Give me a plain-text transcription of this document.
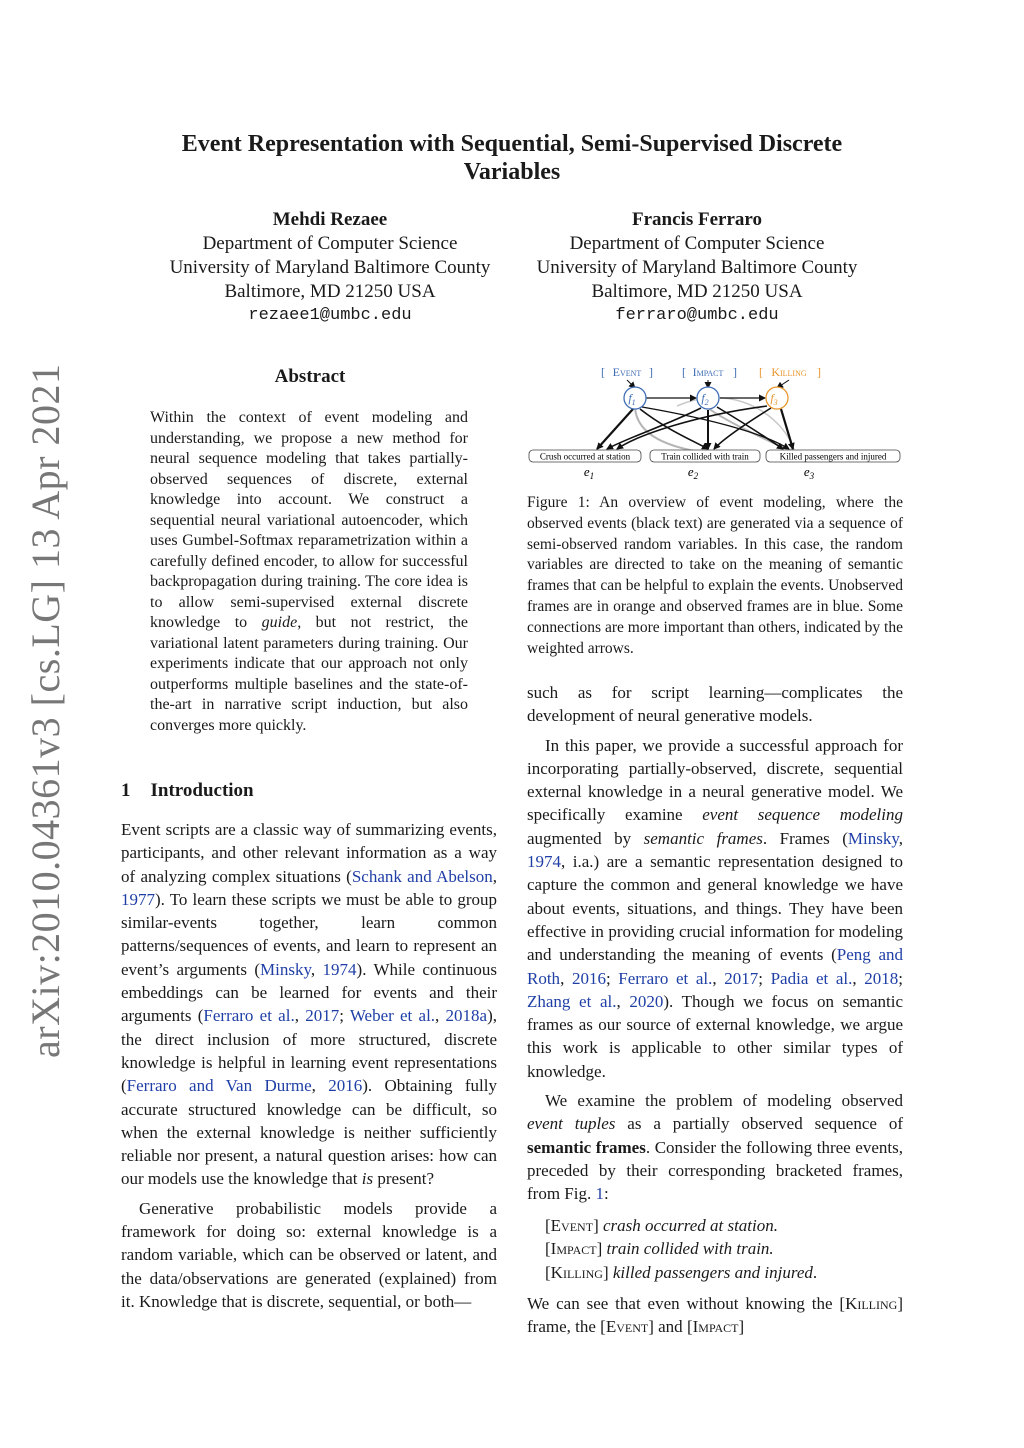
arXiv:2010.04361v3 [cs.LG] 13 Apr 2021
Event Representation with Sequential, Semi-Supervised Discrete Variables
Mehdi Rezaee
Department of Computer Science
University of Maryland Baltimore County
Baltimore, MD 21250 USA
rezaee1@umbc.edu
Francis Ferraro
Department of Computer Science
University of Maryland Baltimore County
Baltimore, MD 21250 USA
ferraro@umbc.edu
Abstract
Within the context of event modeling and understanding, we propose a new method for neural sequence modeling that takes partially-observed sequences of discrete, external knowledge into account. We construct a sequential neural variational autoencoder, which uses Gumbel-Softmax reparametrization within a carefully defined encoder, to allow for successful backpropagation during training. The core idea is to allow semi-supervised external discrete knowledge to guide, but not restrict, the variational latent parameters during training. Our experiments indicate that our approach not only outperforms multiple baselines and the state-of-the-art in narrative script induction, but also converges more quickly.
1 Introduction

Event scripts are a classic way of summarizing events, participants, and other relevant information as a way of analyzing complex situations (Schank and Abelson, 1977). To learn these scripts we must be able to group similar-events together, learn common patterns/sequences of events, and learn to represent an event’s arguments (Minsky, 1974). While continuous embeddings can be learned for events and their arguments (Ferraro et al., 2017; Weber et al., 2018a), the direct inclusion of more structured, discrete knowledge is helpful in learning event representations (Ferraro and Van Durme, 2016). Obtaining fully accurate structured knowledge can be difficult, so when the external knowledge is neither sufficiently reliable nor present, a natural question arises: how can our models use the knowledge that is present?

Generative probabilistic models provide a framework for doing so: external knowledge is a random variable, which can be observed or latent, and the data/observations are generated (explained) from it. Knowledge that is discrete, sequential, or both—

Event	Impact	Killing
[	] [	] [	]
$f_1$	$f_2$	$f_3$
Crush occurred at station	Train collided with train	Killed passengers and injured
$e_1$	$e_2$	$e_3$
Figure 1: An overview of event modeling, where the observed events (black text) are generated via a sequence of semi-observed random variables. In this case, the random variables are directed to take on the meaning of semantic frames that can be helpful to explain the events. Unobserved frames are in orange and observed frames are in blue. Some connections are more important than others, indicated by the weighted arrows.

such as for script learning—complicates the development of neural generative models.

In this paper, we provide a successful approach for incorporating partially-observed, discrete, sequential external knowledge in a neural generative model. We specifically examine event sequence modeling augmented by semantic frames. Frames (Minsky, 1974, i.a.) are a semantic representation designed to capture the common and general knowledge we have about events, situations, and things. They have been effective in providing crucial information for modeling and understanding the meaning of events (Peng and Roth, 2016; Ferraro et al., 2017; Padia et al., 2018; Zhang et al., 2020). Though we focus on semantic frames as our source of external knowledge, we argue this work is applicable to other similar types of knowledge.

We examine the problem of modeling observed event tuples as a partially observed sequence of semantic frames. Consider the following three events, preceded by their corresponding bracketed frames, from Fig. 1:

[Event] crash occurred at station.
[Impact] train collided with train.
[Killing] killed passengers and injured.

We can see that even without knowing the [Killing] frame, the [Event] and [Impact]
